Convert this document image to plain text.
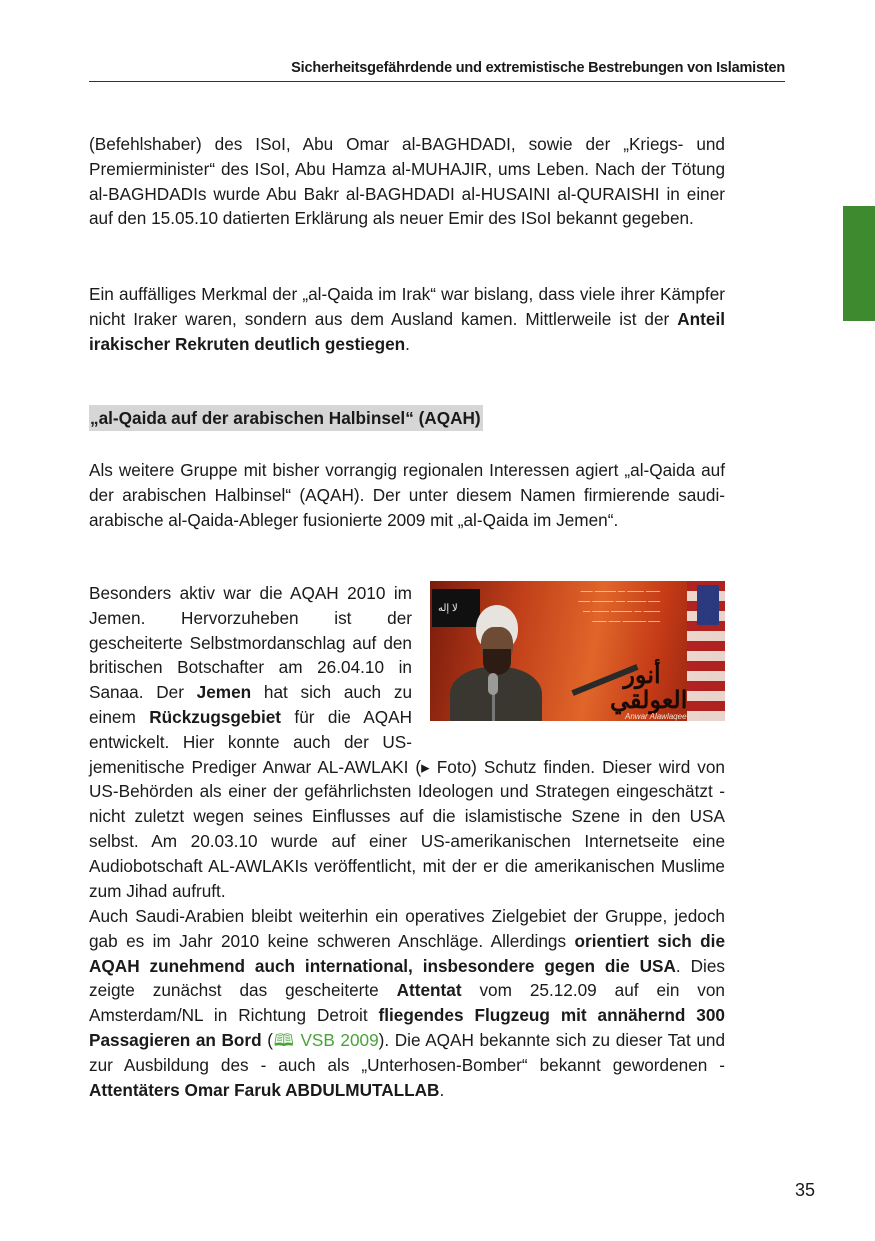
Sicherheitsgefährdende und extremistische Bestrebungen von Islamisten

(Befehlshaber) des ISoI, Abu Omar al-BAGHDADI, sowie der „Kriegs- und Premierminister“ des ISoI, Abu Hamza al-MUHAJIR, ums Leben. Nach der Tötung al-BAGHDADIs wurde Abu Bakr al-BAGHDADI al-HUSAINI al-QURAISHI in einer auf den 15.05.10 datierten Erklärung als neuer Emir des ISoI bekannt gegeben.

Ein auffälliges Merkmal der „al-Qaida im Irak“ war bislang, dass viele ihrer Kämpfer nicht Iraker waren, sondern aus dem Ausland kamen. Mittlerweile ist der Anteil irakischer Rekruten deutlich gestiegen.

„al-Qaida auf der arabischen Halbinsel“ (AQAH)

Als weitere Gruppe mit bisher vorrangig regionalen Interessen agiert „al-Qaida auf der arabischen Halbinsel“ (AQAH). Der unter diesem Namen firmierende saudi-arabische al-Qaida-Ableger fusionierte 2009 mit „al-Qaida im Jemen“.

لا إله
ــــــ ـــــــ ـــ ـــــــــ ـــــ
ـــــ ــــــــ ــــ ـــــــــ ـــــ
ـــــــ ـــ ـــــــــ ـــــــ ـــ
ـــــ ــــــــــ ـــــ ــــــ
أنور العولقي
Anwar Alawlaqee

Besonders aktiv war die AQAH 2010 im Jemen. Hervorzuheben ist der gescheiterte Selbstmordanschlag auf den britischen Botschafter am 26.04.10 in Sanaa. Der Jemen hat sich auch zu einem Rückzugsgebiet für die AQAH entwickelt. Hier konnte auch der US-jemenitische Prediger Anwar AL-AWLAKI (▸ Foto) Schutz finden. Dieser wird von US-Behörden als einer der gefährlichsten Ideologen und Strategen eingeschätzt - nicht zuletzt wegen seines Einflusses auf die islamistische Szene in den USA selbst. Am 20.03.10 wurde auf einer US-amerikanischen Internetseite eine Audiobotschaft AL-AWLAKIs veröffentlicht, mit der er die amerikanischen Muslime zum Jihad aufruft.

Auch Saudi-Arabien bleibt weiterhin ein operatives Zielgebiet der Gruppe, jedoch gab es im Jahr 2010 keine schweren Anschläge. Allerdings orientiert sich die AQAH zunehmend auch international, insbesondere gegen die USA. Dies zeigte zunächst das gescheiterte Attentat vom 25.12.09 auf ein von Amsterdam/NL in Richtung Detroit fliegendes Flugzeug mit annähernd 300 Passagieren an Bord (🕮 VSB 2009). Die AQAH bekannte sich zu dieser Tat und zur Ausbildung des - auch als „Unterhosen-Bomber“ bekannt gewordenen - Attentäters Omar Faruk ABDULMUTALLAB.

35
